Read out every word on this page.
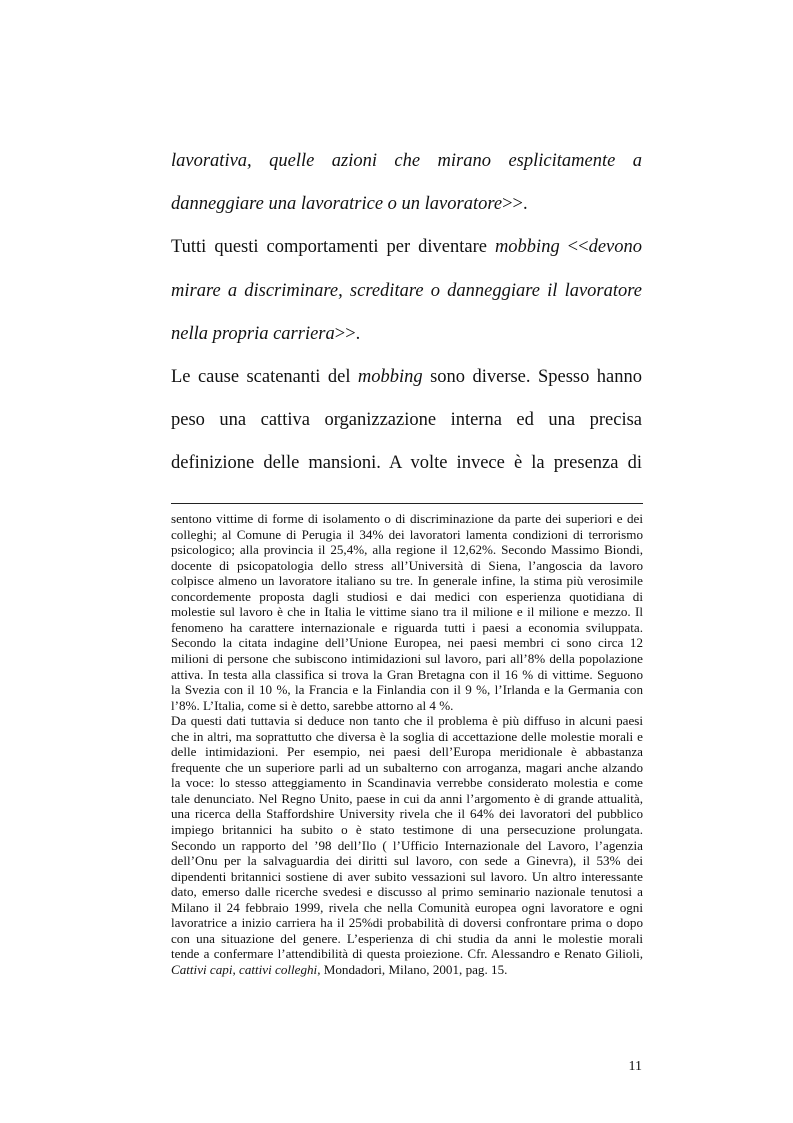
lavorativa, quelle azioni che mirano esplicitamente a
danneggiare una lavoratrice o un lavoratore>>.
Tutti questi comportamenti per diventare mobbing <<devono
mirare a discriminare, screditare o danneggiare il lavoratore
nella propria carriera>>.
Le cause scatenanti del mobbing sono diverse. Spesso hanno
peso una cattiva organizzazione interna ed una precisa
definizione delle mansioni. A volte invece è la presenza di
sentono vittime di forme di isolamento o di discriminazione da parte dei superiori e dei
colleghi; al Comune di Perugia il 34% dei lavoratori lamenta condizioni di terrorismo
psicologico; alla provincia il 25,4%, alla regione il 12,62%. Secondo Massimo Biondi,
docente di psicopatologia dello stress all’Università di Siena, l’angoscia da lavoro
colpisce almeno un lavoratore italiano su tre. In generale infine, la stima più verosimile
concordemente proposta dagli studiosi e dai medici con esperienza quotidiana di
molestie sul lavoro è che in Italia le vittime siano tra il milione e il milione e mezzo. Il
fenomeno ha carattere internazionale e riguarda tutti i paesi a economia sviluppata.
Secondo la citata indagine dell’Unione Europea, nei paesi membri ci sono circa 12
milioni di persone che subiscono intimidazioni sul lavoro, pari all’8% della popolazione
attiva. In testa alla classifica si trova la Gran Bretagna con il 16 % di vittime. Seguono
la Svezia con il 10 %, la Francia e la Finlandia con il 9 %, l’Irlanda e la Germania con
l’8%. L’Italia, come si è detto, sarebbe attorno al 4 %.
Da questi dati tuttavia si deduce non tanto che il problema è più diffuso in alcuni paesi
che in altri, ma soprattutto che diversa è la soglia di accettazione delle molestie morali e
delle intimidazioni. Per esempio, nei paesi dell’Europa meridionale è abbastanza
frequente che un superiore parli ad un subalterno con arroganza, magari anche alzando
la voce: lo stesso atteggiamento in Scandinavia verrebbe considerato molestia e come
tale denunciato. Nel Regno Unito, paese in cui da anni l’argomento è di grande attualità,
una ricerca della Staffordshire University rivela che il 64% dei lavoratori del pubblico
impiego britannici ha subito o è stato testimone di una persecuzione prolungata.
Secondo un rapporto del ’98 dell’Ilo ( l’Ufficio Internazionale del Lavoro, l’agenzia
dell’Onu per la salvaguardia dei diritti sul lavoro, con sede a Ginevra), il 53% dei
dipendenti britannici sostiene di aver subito vessazioni sul lavoro. Un altro interessante
dato, emerso dalle ricerche svedesi e discusso al primo seminario nazionale tenutosi a
Milano il 24 febbraio 1999, rivela che nella Comunità europea ogni lavoratore e ogni
lavoratrice a inizio carriera ha il 25%di probabilità di doversi confrontare prima o dopo
con una situazione del genere. L’esperienza di chi studia da anni le molestie morali
tende a confermare l’attendibilità di questa proiezione. Cfr. Alessandro e Renato Gilioli,
Cattivi capi, cattivi colleghi, Mondadori, Milano, 2001, pag. 15.
11
